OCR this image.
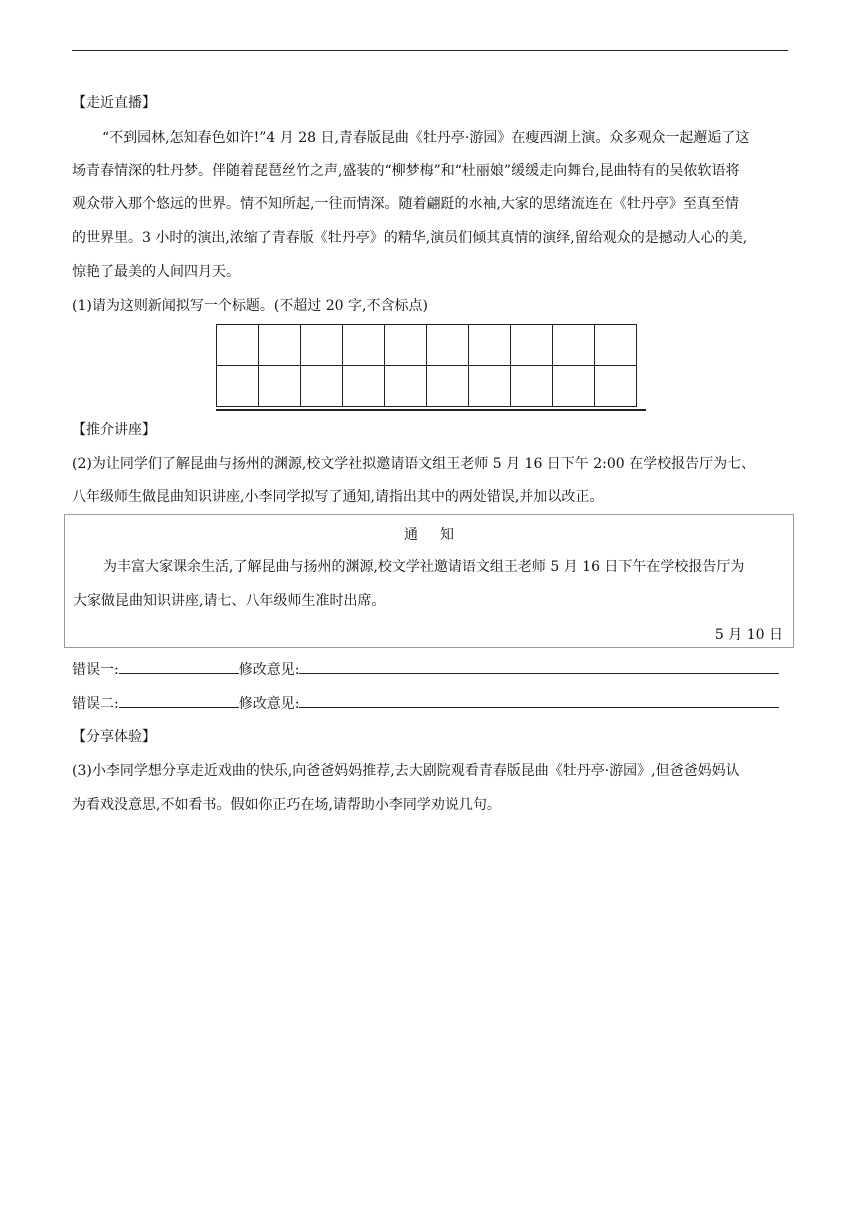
【走近直播】
“不到园林,怎知春色如许!”4 月 28 日,青春版昆曲《牡丹亭·游园》在瘦西湖上演。众多观众一起邂逅了这
场青春情深的牡丹梦。伴随着琵琶丝竹之声,盛装的“柳梦梅”和“杜丽娘”缓缓走向舞台,昆曲特有的吴侬软语将
观众带入那个悠远的世界。情不知所起,一往而情深。随着翩跹的水袖,大家的思绪流连在《牡丹亭》至真至情
的世界里。3 小时的演出,浓缩了青春版《牡丹亭》的精华,演员们倾其真情的演绎,留给观众的是撼动人心的美,
惊艳了最美的人间四月天。
(1)请为这则新闻拟写一个标题。(不超过 20 字,不含标点)

【推介讲座】
(2)为让同学们了解昆曲与扬州的渊源,校文学社拟邀请语文组王老师 5 月 16 日下午 2:00 在学校报告厅为七、
八年级师生做昆曲知识讲座,小李同学拟写了通知,请指出其中的两处错误,并加以改正。
通知
为丰富大家课余生活,了解昆曲与扬州的渊源,校文学社邀请语文组王老师 5 月 16 日下午在学校报告厅为
大家做昆曲知识讲座,请七、八年级师生准时出席。
5 月 10 日
错误一:	修改意见:
错误二:	修改意见:
【分享体验】
(3)小李同学想分享走近戏曲的快乐,向爸爸妈妈推荐,去大剧院观看青春版昆曲《牡丹亭·游园》,但爸爸妈妈认
为看戏没意思,不如看书。假如你正巧在场,请帮助小李同学劝说几句。
